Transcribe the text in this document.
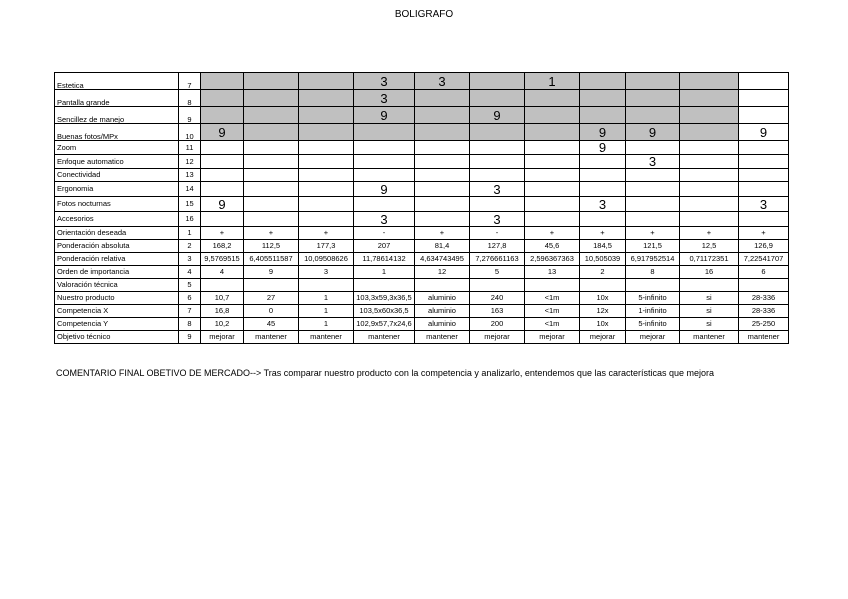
BOLIGRAFO
Estetica	7				3	3		1				
Pantalla grande	8				3							
Sencillez de manejo	9				9		9					
Buenas fotos/MPx	10	9							9	9		9
Zoom	11								9			
Enfoque automatico	12									3		
Conectividad	13											
Ergonomia	14				9		3					
Fotos nocturnas	15	9							3			3
Accesorios	16				3		3					
Orientación deseada	1	+	+	+	-	+	-	+	+	+	+	+
Ponderación absoluta	2	168,2	112,5	177,3	207	81,4	127,8	45,6	184,5	121,5	12,5	126,9
Ponderación relativa	3	9,5769515	6,405511587	10,09508626	11,78614132	4,634743495	7,276661163	2,596367363	10,505039	6,917952514	0,71172351	7,22541707
Orden de importancia	4	4	9	3	1	12	5	13	2	8	16	6
Valoración técnica	5											
Nuestro producto	6	10,7	27	1	103,3x59,3x36,5	aluminio	240	<1m	10x	5-infinito	si	28-336
Competencia X	7	16,8	0	1	103,5x60x36,5	aluminio	163	<1m	12x	1-infinito	si	28-336
Competencia Y	8	10,2	45	1	102,9x57,7x24,6	aluminio	200	<1m	10x	5-infinito	si	25-250
Objetivo técnico	9	mejorar	mantener	mantener	mantener	mantener	mejorar	mejorar	mejorar	mejorar	mantener	mantener
COMENTARIO FINAL OBETIVO DE MERCADO--> Tras comparar nuestro producto con la competencia y analizarlo, entendemos que las características que mejora
